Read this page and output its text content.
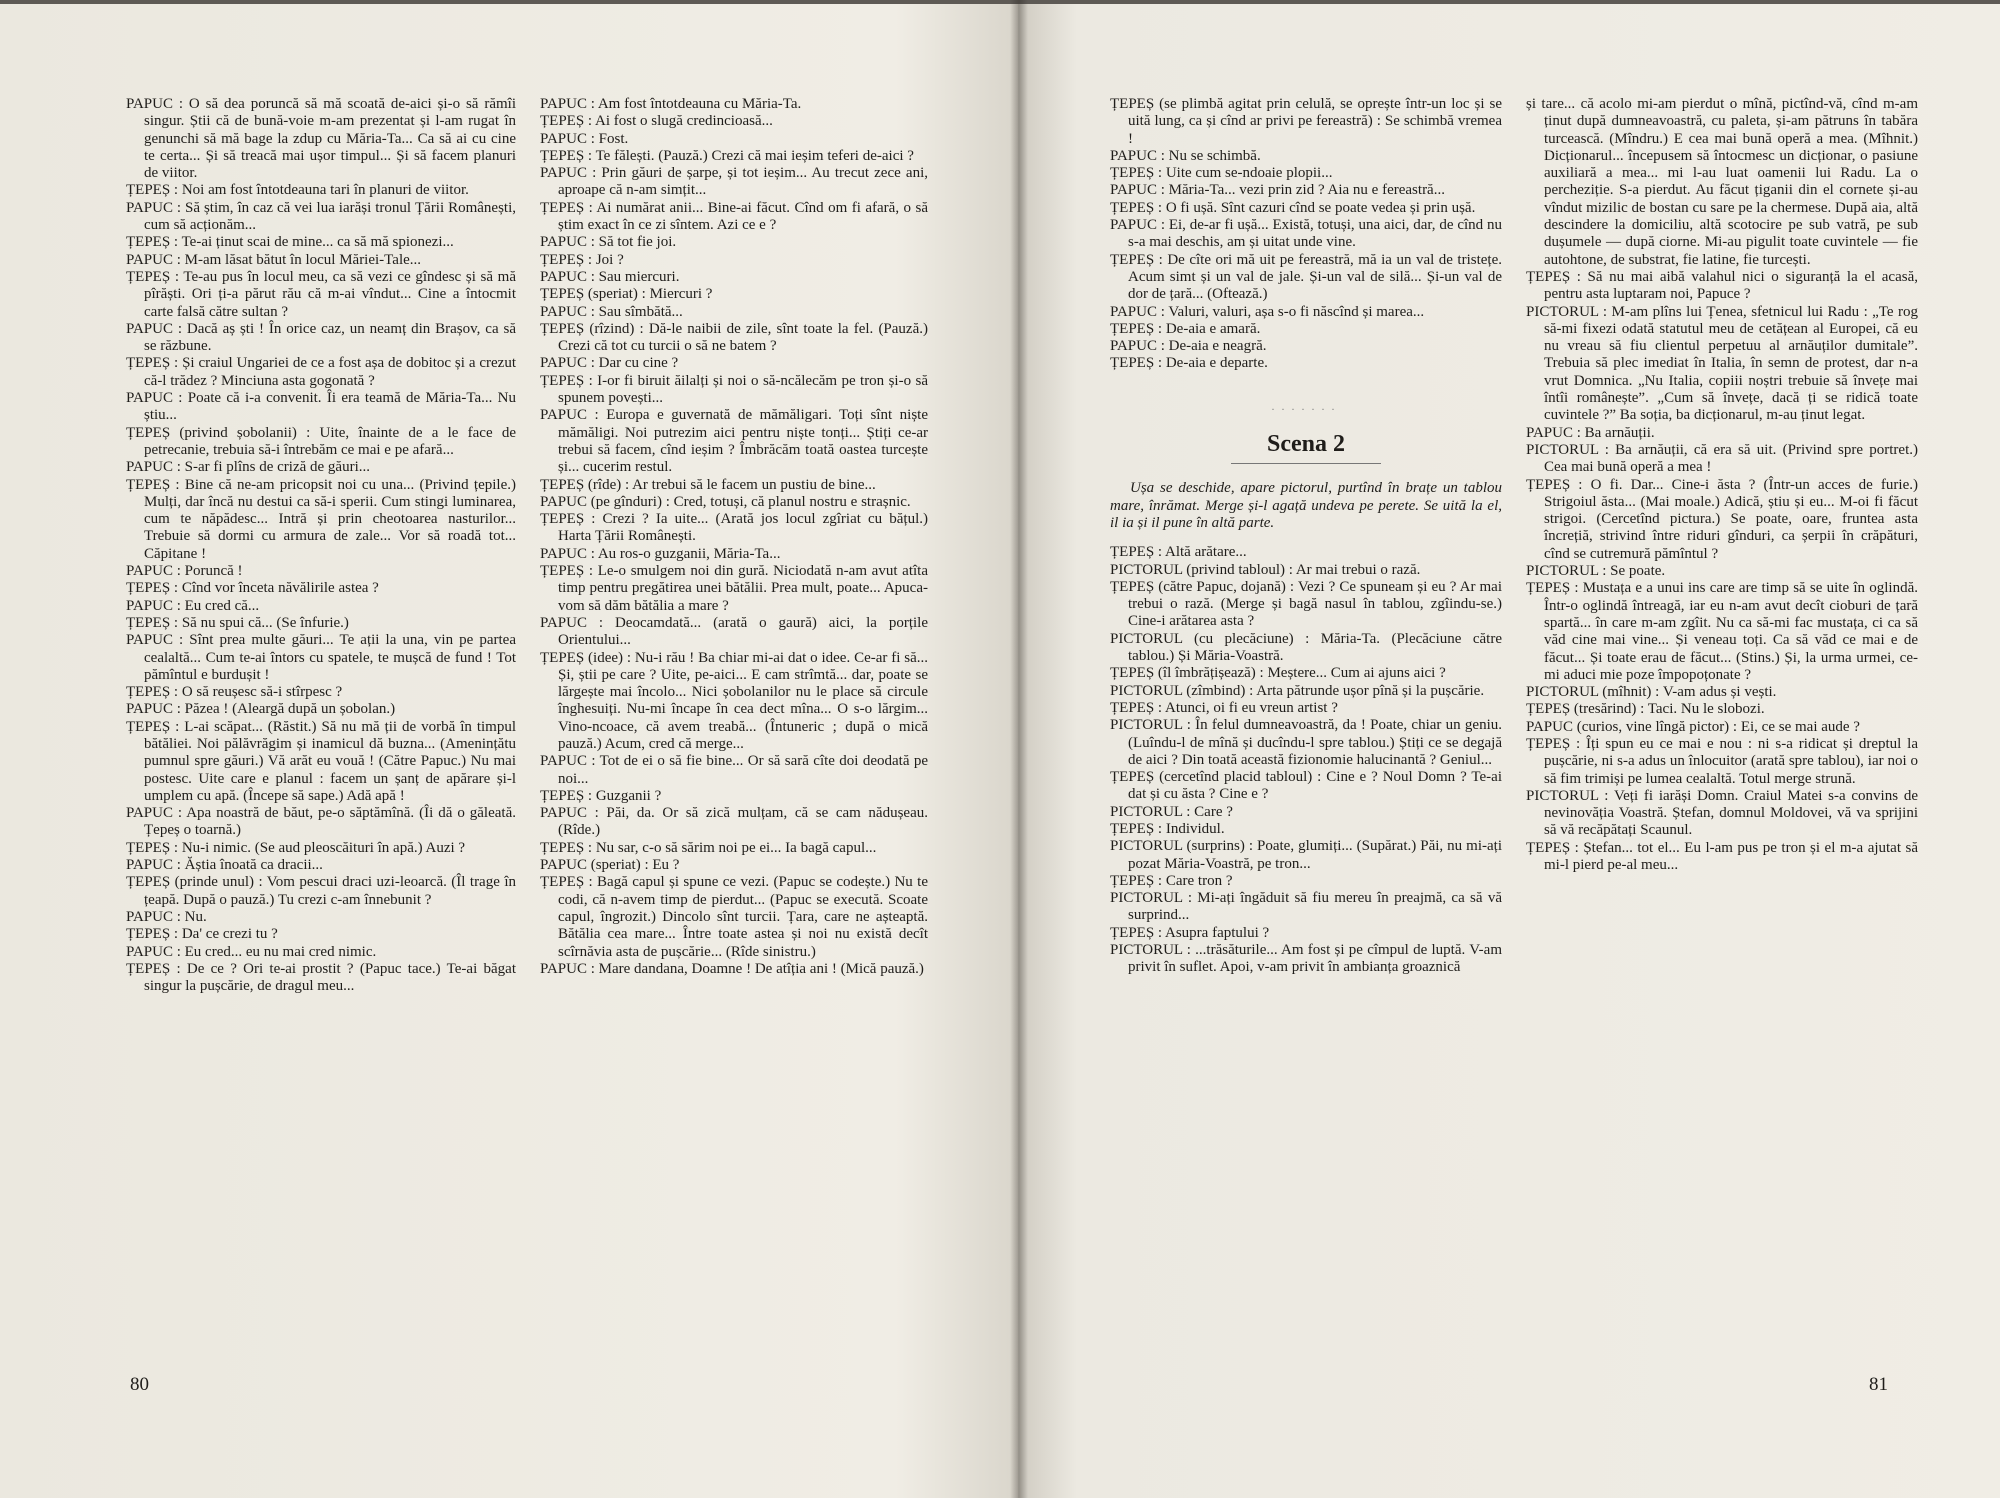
PAPUC : O să dea poruncă să mă scoată de-aici și-o să rămîi singur. Știi că de bună-voie m-am prezentat și l-am rugat în genunchi să mă bage la zdup cu Măria-Ta... Ca să ai cu cine te certa... Și să treacă mai ușor timpul... Și să facem planuri de viitor.

ȚEPEȘ : Noi am fost întotdeauna tari în planuri de viitor.

PAPUC : Să știm, în caz că vei lua iarăși tronul Țării Românești, cum să acționăm...

ȚEPEȘ : Te-ai ținut scai de mine... ca să mă spionezi...

PAPUC : M-am lăsat bătut în locul Măriei-Tale...

ȚEPEȘ : Te-au pus în locul meu, ca să vezi ce gîndesc și să mă pîrăști. Ori ți-a părut rău că m-ai vîndut... Cine a întocmit carte falsă către sultan ?

PAPUC : Dacă aș ști ! În orice caz, un neamț din Brașov, ca să se răzbune.

ȚEPEȘ : Și craiul Ungariei de ce a fost așa de dobitoc și a crezut că-l trădez ? Minciuna asta gogonată ?

PAPUC : Poate că i-a convenit. Îi era teamă de Măria-Ta... Nu știu...

ȚEPEȘ (privind șobolanii) : Uite, înainte de a le face de petrecanie, trebuia să-i întrebăm ce mai e pe afară...

PAPUC : S-ar fi plîns de criză de găuri...

ȚEPEȘ : Bine că ne-am pricopsit noi cu una... (Privind țepile.) Mulți, dar încă nu destui ca să-i sperii. Cum stingi luminarea, cum te năpădesc... Intră și prin cheotoarea nasturilor... Trebuie să dormi cu armura de zale... Vor să roadă tot... Căpitane !

PAPUC : Poruncă !

ȚEPEȘ : Cînd vor înceta năvălirile astea ?

PAPUC : Eu cred că...

ȚEPEȘ : Să nu spui că... (Se înfurie.)

PAPUC : Sînt prea multe găuri... Te ații la una, vin pe partea cealaltă... Cum te-ai întors cu spatele, te mușcă de fund ! Tot pămîntul e burdușit !

ȚEPEȘ : O să reușesc să-i stîrpesc ?

PAPUC : Păzea ! (Aleargă după un șobolan.)

ȚEPEȘ : L-ai scăpat... (Răstit.) Să nu mă ții de vorbă în timpul bătăliei. Noi pălăvrăgim și inamicul dă buzna... (Amenințătu pumnul spre găuri.) Vă arăt eu vouă ! (Către Papuc.) Nu mai postesc. Uite care e planul : facem un șanț de apărare și-l umplem cu apă. (Începe să sape.) Adă apă !

PAPUC : Apa noastră de băut, pe-o săptămînă. (Îi dă o găleată. Țepeș o toarnă.)

ȚEPEȘ : Nu-i nimic. (Se aud pleoscăituri în apă.) Auzi ?

PAPUC : Ăștia înoată ca dracii...

ȚEPEȘ (prinde unul) : Vom pescui draci uzi-leoarcă. (Îl trage în țeapă. După o pauză.) Tu crezi c-am înnebunit ?

PAPUC : Nu.

ȚEPEȘ : Da' ce crezi tu ?

PAPUC : Eu cred... eu nu mai cred nimic.

ȚEPEȘ : De ce ? Ori te-ai prostit ? (Papuc tace.) Te-ai băgat singur la pușcărie, de dragul meu...

PAPUC : Am fost întotdeauna cu Măria-Ta.

ȚEPEȘ : Ai fost o slugă credincioasă...

PAPUC : Fost.

ȚEPEȘ : Te fălești. (Pauză.) Crezi că mai ieșim teferi de-aici ?

PAPUC : Prin găuri de șarpe, și tot ieșim... Au trecut zece ani, aproape că n-am simțit...

ȚEPEȘ : Ai numărat anii... Bine-ai făcut. Cînd om fi afară, o să știm exact în ce zi sîntem. Azi ce e ?

PAPUC : Să tot fie joi.

ȚEPEȘ : Joi ?

PAPUC : Sau miercuri.

ȚEPEȘ (speriat) : Miercuri ?

PAPUC : Sau sîmbătă...

ȚEPEȘ (rîzind) : Dă-le naibii de zile, sînt toate la fel. (Pauză.) Crezi că tot cu turcii o să ne batem ?

PAPUC : Dar cu cine ?

ȚEPEȘ : I-or fi biruit ăilalți și noi o să-ncălecăm pe tron și-o să spunem povești...

PAPUC : Europa e guvernată de mămăligari. Toți sînt niște mămăligi. Noi putrezim aici pentru niște tonți... Știți ce-ar trebui să facem, cînd ieșim ? Îmbrăcăm toată oastea turcește și... cucerim restul.

ȚEPEȘ (rîde) : Ar trebui să le facem un pustiu de bine...

PAPUC (pe gînduri) : Cred, totuși, că planul nostru e strașnic.

ȚEPEȘ : Crezi ? Ia uite... (Arată jos locul zgîriat cu bățul.) Harta Țării Românești.

PAPUC : Au ros-o guzganii, Măria-Ta...

ȚEPEȘ : Le-o smulgem noi din gură. Niciodată n-am avut atîta timp pentru pregătirea unei bătălii. Prea mult, poate... Apuca-vom să dăm bătălia a mare ?

PAPUC : Deocamdată... (arată o gaură) aici, la porțile Orientului...

ȚEPEȘ (idee) : Nu-i rău ! Ba chiar mi-ai dat o idee. Ce-ar fi să... Și, știi pe care ? Uite, pe-aici... E cam strîmtă... dar, poate se lărgește mai încolo... Nici șobolanilor nu le place să circule înghesuiți. Nu-mi încape în cea dect mîna... O s-o lărgim... Vino-ncoace, că avem treabă... (Întuneric ; după o mică pauză.) Acum, cred că merge...

PAPUC : Tot de ei o să fie bine... Or să sară cîte doi deodată pe noi...

ȚEPEȘ : Guzganii ?

PAPUC : Păi, da. Or să zică mulțam, că se cam nădușeau. (Rîde.)

ȚEPEȘ : Nu sar, c-o să sărim noi pe ei... Ia bagă capul...

PAPUC (speriat) : Eu ?

ȚEPEȘ : Bagă capul și spune ce vezi. (Papuc se codește.) Nu te codi, că n-avem timp de pierdut... (Papuc se execută. Scoate capul, îngrozit.) Dincolo sînt turcii. Țara, care ne așteaptă. Bătălia cea mare... Între toate astea și noi nu există decît scîrnăvia asta de pușcărie... (Rîde sinistru.)

PAPUC : Mare dandana, Doamne ! De atîția ani ! (Mică pauză.)

80

ȚEPEȘ (se plimbă agitat prin celulă, se oprește într-un loc și se uită lung, ca și cînd ar privi pe fereastră) : Se schimbă vremea !

PAPUC : Nu se schimbă.

ȚEPEȘ : Uite cum se-ndoaie plopii...

PAPUC : Măria-Ta... vezi prin zid ? Aia nu e fereastră...

ȚEPEȘ : O fi ușă. Sînt cazuri cînd se poate vedea și prin ușă.

PAPUC : Ei, de-ar fi ușă... Există, totuși, una aici, dar, de cînd nu s-a mai deschis, am și uitat unde vine.

ȚEPEȘ : De cîte ori mă uit pe fereastră, mă ia un val de tristețe. Acum simt și un val de jale. Și-un val de silă... Și-un val de dor de țară... (Oftează.)

PAPUC : Valuri, valuri, așa s-o fi născînd și marea...

ȚEPEȘ : De-aia e amară.

PAPUC : De-aia e neagră.

ȚEPEȘ : De-aia e departe.

·······
Scena 2
Ușa se deschide, apare pictorul, purtînd în brațe un tablou mare, înrămat. Merge și-l agață undeva pe perete. Se uită la el, il ia și il pune în altă parte.

ȚEPEȘ : Altă arătare...

PICTORUL (privind tabloul) : Ar mai trebui o rază.

ȚEPEȘ (către Papuc, dojană) : Vezi ? Ce spuneam și eu ? Ar mai trebui o rază. (Merge și bagă nasul în tablou, zgîindu-se.) Cine-i arătarea asta ?

PICTORUL (cu plecăciune) : Măria-Ta. (Plecăciune către tablou.) Și Măria-Voastră.

ȚEPEȘ (îl îmbrățișează) : Meștere... Cum ai ajuns aici ?

PICTORUL (zîmbind) : Arta pătrunde ușor pînă și la pușcărie.

ȚEPEȘ : Atunci, oi fi eu vreun artist ?

PICTORUL : În felul dumneavoastră, da ! Poate, chiar un geniu. (Luîndu-l de mînă și ducîndu-l spre tablou.) Știți ce se degajă de aici ? Din toată această fizionomie halucinantă ? Geniul...

ȚEPEȘ (cercetînd placid tabloul) : Cine e ? Noul Domn ? Te-ai dat și cu ăsta ? Cine e ?

PICTORUL : Care ?

ȚEPEȘ : Individul.

PICTORUL (surprins) : Poate, glumiți... (Supărat.) Păi, nu mi-ați pozat Măria-Voastră, pe tron...

ȚEPEȘ : Care tron ?

PICTORUL : Mi-ați îngăduit să fiu mereu în preajmă, ca să vă surprind...

ȚEPEȘ : Asupra faptului ?

PICTORUL : ...trăsăturile... Am fost și pe cîmpul de luptă. V-am privit în suflet. Apoi, v-am privit în ambianța groaznică

și tare... că acolo mi-am pierdut o mînă, pictînd-vă, cînd m-am ținut după dumneavoastră, cu paleta, și-am pătruns în tabăra turcească. (Mîndru.) E cea mai bună operă a mea. (Mîhnit.) Dicționarul... începusem să întocmesc un dicționar, o pasiune auxiliară a mea... mi l-au luat oamenii lui Radu. La o percheziție. S-a pierdut. Au făcut țiganii din el cornete și-au vîndut mizilic de bostan cu sare pe la chermese. După aia, altă descindere la domiciliu, altă scotocire pe sub vatră, pe sub dușumele — după ciorne. Mi-au pigulit toate cuvintele — fie autohtone, de substrat, fie latine, fie turcești.

ȚEPEȘ : Să nu mai aibă valahul nici o siguranță la el acasă, pentru asta luptaram noi, Papuce ?

PICTORUL : M-am plîns lui Țenea, sfetnicul lui Radu : „Te rog să-mi fixezi odată statutul meu de cetățean al Europei, că eu nu vreau să fiu clientul perpetuu al arnăuților dumitale”. Trebuia să plec imediat în Italia, în semn de protest, dar n-a vrut Domnica. „Nu Italia, copiii noștri trebuie să învețe mai întîi românește”. „Cum să învețe, dacă ți se ridică toate cuvintele ?” Ba soția, ba dicționarul, m-au ținut legat.

PAPUC : Ba arnăuții.

PICTORUL : Ba arnăuții, că era să uit. (Privind spre portret.) Cea mai bună operă a mea !

ȚEPEȘ : O fi. Dar... Cine-i ăsta ? (Într-un acces de furie.) Strigoiul ăsta... (Mai moale.) Adică, știu și eu... M-oi fi făcut strigoi. (Cercetînd pictura.) Se poate, oare, fruntea asta încrețiă, strivind între riduri gînduri, ca șerpii în crăpături, cînd se cutremură pămîntul ?

PICTORUL : Se poate.

ȚEPEȘ : Mustața e a unui ins care are timp să se uite în oglindă. Într-o oglindă întreagă, iar eu n-am avut decît cioburi de țară spartă... în care m-am zgîit. Nu ca să-mi fac mustața, ci ca să văd cine mai vine... Și veneau toți. Ca să văd ce mai e de făcut... Și toate erau de făcut... (Stins.) Și, la urma urmei, ce-mi aduci mie poze împopoțonate ?

PICTORUL (mîhnit) : V-am adus și vești.

ȚEPEȘ (tresărind) : Taci. Nu le slobozi.

PAPUC (curios, vine lîngă pictor) : Ei, ce se mai aude ?

ȚEPEȘ : Îți spun eu ce mai e nou : ni s-a ridicat și dreptul la pușcărie, ni s-a adus un înlocuitor (arată spre tablou), iar noi o să fim trimiși pe lumea cealaltă. Totul merge strună.

PICTORUL : Veți fi iarăși Domn. Craiul Matei s-a convins de nevinovăția Voastră. Ștefan, domnul Moldovei, vă va sprijini să vă recăpătați Scaunul.

ȚEPEȘ : Ștefan... tot el... Eu l-am pus pe tron și el m-a ajutat să mi-l pierd pe-al meu...

81
